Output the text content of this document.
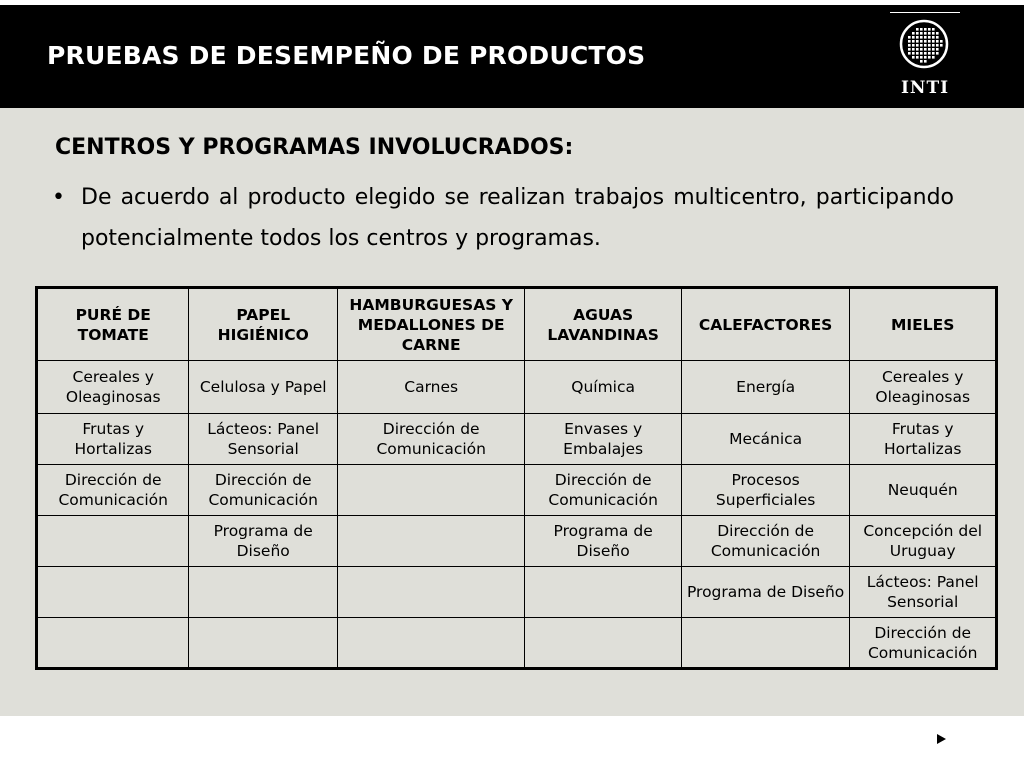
PRUEBAS DE DESEMPEÑO DE PRODUCTOS
INTI
CENTROS Y PROGRAMAS INVOLUCRADOS:
• De acuerdo al producto elegido se realizan trabajos multicentro, participando potencialmente todos los centros y programas.
PURÉ DE TOMATE	PAPEL HIGIÉNICO	HAMBURGUESAS Y MEDALLONES DE CARNE	AGUAS LAVANDINAS	CALEFACTORES	MIELES
Cereales y Oleaginosas	Celulosa y Papel	Carnes	Química	Energía	Cereales y Oleaginosas
Frutas y Hortalizas	Lácteos: Panel Sensorial	Dirección de Comunicación	Envases y Embalajes	Mecánica	Frutas y Hortalizas
Dirección de Comunicación	Dirección de Comunicación		Dirección de Comunicación	Procesos Superficiales	Neuquén
	Programa de Diseño		Programa de Diseño	Dirección de Comunicación	Concepción del Uruguay
				Programa de Diseño	Lácteos: Panel Sensorial
					Dirección de Comunicación
